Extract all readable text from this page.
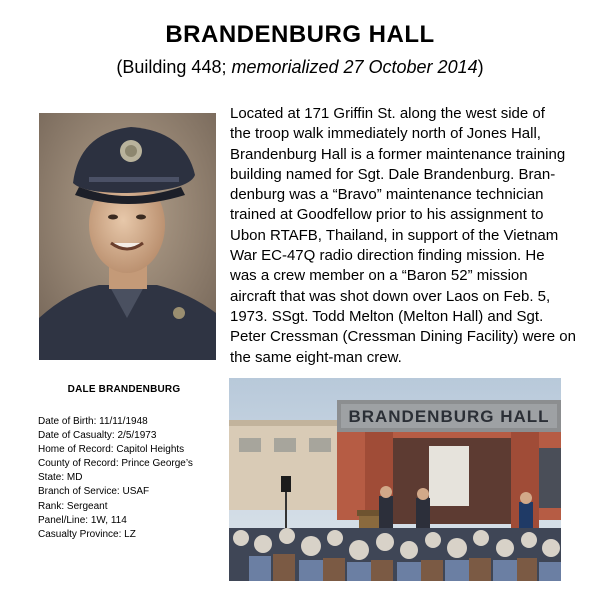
BRANDENBURG HALL
(Building 448; memorialized 27 October 2014)

Located at 171 Griffin St. along the west side of

the troop walk immediately north of Jones Hall,

Brandenburg Hall is a former maintenance training

building named for Sgt. Dale Brandenburg. Bran-

denburg was a “Bravo” maintenance technician

trained at Goodfellow prior to his assignment to

Ubon RTAFB, Thailand, in support of the Vietnam

War EC-47Q radio direction finding mission. He

was a crew member on a “Baron 52” mission

aircraft that was shot down over Laos on Feb. 5,

1973. SSgt. Todd Melton (Melton Hall) and Sgt.

Peter Cressman (Cressman Dining Facility) were on

the same eight-man crew.

DALE BRANDENBURG
Date of Birth: 11/11/1948
Date of Casualty: 2/5/1973
Home of Record: Capitol Heights
County of Record: Prince George’s
State: MD
Branch of Service: USAF
Rank: Sergeant
Panel/Line: 1W, 114
Casualty Province: LZ
BRANDENBURG HALL
